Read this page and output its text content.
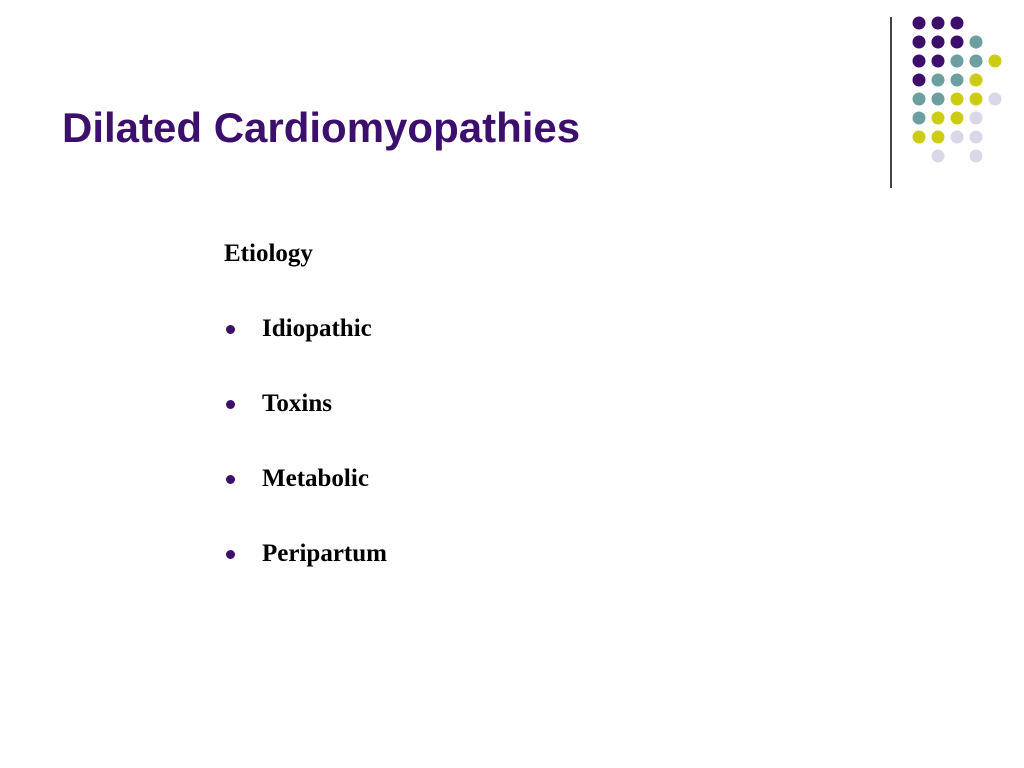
Dilated Cardiomyopathies

Etiology

Idiopathic
Toxins
Metabolic
Peripartum
